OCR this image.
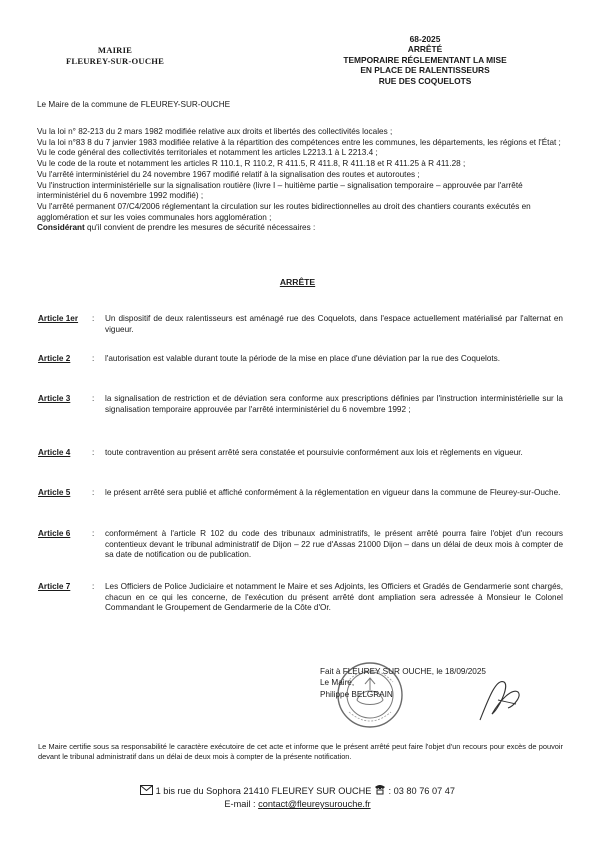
MAIRIE
FLEUREY-SUR-OUCHE
68-2025
ARRÊTÉ
TEMPORAIRE RÉGLEMENTANT LA MISE
EN PLACE DE RALENTISSEURS
RUE DES COQUELOTS
Le Maire de la commune de FLEUREY-SUR-OUCHE

Vu la loi n° 82-213 du 2 mars 1982 modifiée relative aux droits et libertés des collectivités locales ;

Vu la loi n°83 8 du 7 janvier 1983 modifiée relative à la répartition des compétences entre les communes, les départements, les régions et l'État ;

Vu le code général des collectivités territoriales et notamment les articles L2213.1 à L 2213.4 ;

Vu le code de la route et notamment les articles R 110.1, R 110.2, R 411.5, R 411.8, R 411.18 et R 411.25 à R 411.28 ;

Vu l'arrêté interministériel du 24 novembre 1967 modifié relatif à la signalisation des routes et autoroutes ;

Vu l'instruction interministérielle sur la signalisation routière (livre I – huitième partie – signalisation temporaire – approuvée par l'arrêté interministériel du 6 novembre 1992 modifié) ;

Vu l'arrêté permanent 07/C4/2006 réglementant la circulation sur les routes bidirectionnelles au droit des chantiers courants exécutés en agglomération et sur les voies communales hors agglomération ;

Considérant qu'il convient de prendre les mesures de sécurité nécessaires :

ARRÊTE
Article 1er : Un dispositif de deux ralentisseurs est aménagé rue des Coquelots, dans l'espace actuellement matérialisé par l'alternat en vigueur.
Article 2	: l'autorisation est valable durant toute la période de la mise en place d'une déviation par la rue des Coquelots.
Article 3	: la signalisation de restriction et de déviation sera conforme aux prescriptions définies par l'instruction interministérielle sur la signalisation temporaire approuvée par l'arrêté interministériel du 6 novembre 1992 ;
Article 4	: toute contravention au présent arrêté sera constatée et poursuivie conformément aux lois et règlements en vigueur.
Article 5	: le présent arrêté sera publié et affiché conformément à la réglementation en vigueur dans la commune de Fleurey-sur-Ouche.
Article 6	: conformément à l'article R 102 du code des tribunaux administratifs, le présent arrêté pourra faire l'objet d'un recours contentieux devant le tribunal administratif de Dijon – 22 rue d'Assas 21000 Dijon – dans un délai de deux mois à compter de sa date de notification ou de publication.
Article 7	: Les Officiers de Police Judiciaire et notamment le Maire et ses Adjoints, les Officiers et Gradés de Gendarmerie sont chargés, chacun en ce qui les concerne, de l'exécution du présent arrêté dont ampliation sera adressée à Monsieur le Colonel Commandant le Groupement de Gendarmerie de la Côte d'Or.
Fait à FLEUREY SUR OUCHE, le 18/09/2025
Le Maire,
Philippe BELGRAIN
Le Maire certifie sous sa responsabilité le caractère exécutoire de cet acte et informe que le présent arrêté peut faire l'objet d'un recours pour excès de pouvoir devant le tribunal administratif dans un délai de deux mois à compter de la présente notification.
1 bis rue du Sophora 21410 FLEUREY SUR OUCHE : 03 80 76 07 47
E-mail : contact@fleureysurouche.fr
